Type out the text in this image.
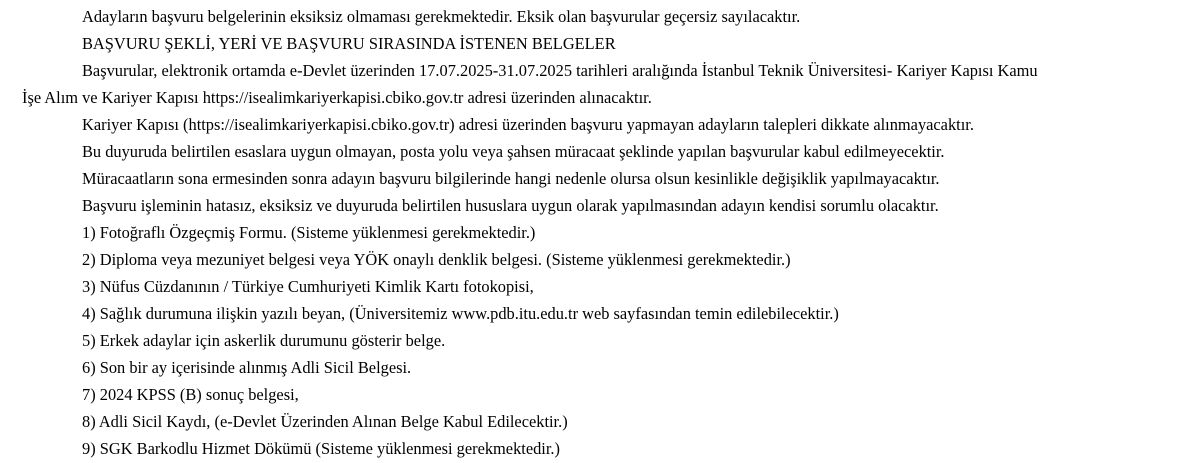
Adayların başvuru belgelerinin eksiksiz olmaması gerekmektedir. Eksik olan başvurular geçersiz sayılacaktır.
BAŞVURU ŞEKLİ, YERİ VE BAŞVURU SIRASINDA İSTENEN BELGELER
Başvurular, elektronik ortamda e-Devlet üzerinden 17.07.2025-31.07.2025 tarihleri aralığında İstanbul Teknik Üniversitesi- Kariyer Kapısı Kamu
İşe Alım ve Kariyer Kapısı https://isealimkariyerkapisi.cbiko.gov.tr adresi üzerinden alınacaktır.
Kariyer Kapısı (https://isealimkariyerkapisi.cbiko.gov.tr) adresi üzerinden başvuru yapmayan adayların talepleri dikkate alınmayacaktır.
Bu duyuruda belirtilen esaslara uygun olmayan, posta yolu veya şahsen müracaat şeklinde yapılan başvurular kabul edilmeyecektir.
Müracaatların sona ermesinden sonra adayın başvuru bilgilerinde hangi nedenle olursa olsun kesinlikle değişiklik yapılmayacaktır.
Başvuru işleminin hatasız, eksiksiz ve duyuruda belirtilen hususlara uygun olarak yapılmasından adayın kendisi sorumlu olacaktır.
1) Fotoğraflı Özgeçmiş Formu. (Sisteme yüklenmesi gerekmektedir.)
2) Diploma veya mezuniyet belgesi veya YÖK onaylı denklik belgesi. (Sisteme yüklenmesi gerekmektedir.)
3) Nüfus Cüzdanının / Türkiye Cumhuriyeti Kimlik Kartı fotokopisi,
4) Sağlık durumuna ilişkin yazılı beyan, (Üniversitemiz www.pdb.itu.edu.tr web sayfasından temin edilebilecektir.)
5) Erkek adaylar için askerlik durumunu gösterir belge.
6) Son bir ay içerisinde alınmış Adli Sicil Belgesi.
7) 2024 KPSS (B) sonuç belgesi,
8) Adli Sicil Kaydı, (e-Devlet Üzerinden Alınan Belge Kabul Edilecektir.)
9) SGK Barkodlu Hizmet Dökümü (Sisteme yüklenmesi gerekmektedir.)
